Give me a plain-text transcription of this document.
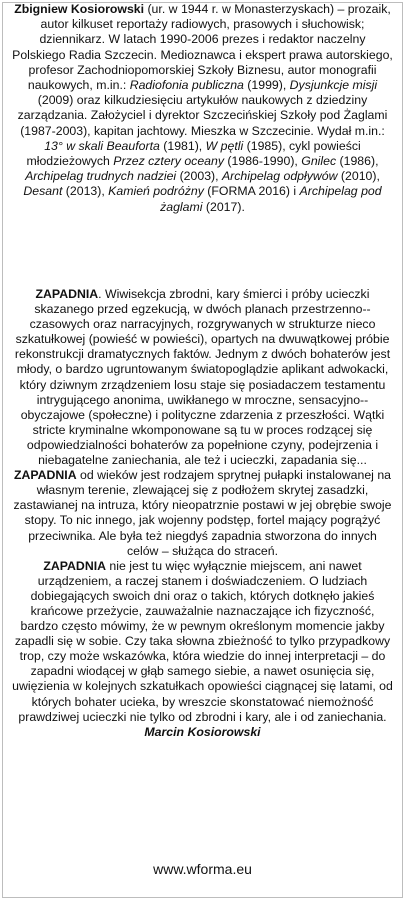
Zbigniew Kosiorowski (ur. w 1944 r. w Monasterzyskach) – prozaik, autor kilkuset reportaży radiowych, prasowych i słuchowisk; dziennikarz. W latach 1990-2006 prezes i redaktor naczelny Polskiego Radia Szczecin. Medioznawca i ekspert prawa autorskiego, profesor Zachodniopomorskiej Szkoły Biznesu, autor monografii naukowych, m.in.: Radiofonia publiczna (1999), Dysjunkcje misji (2009) oraz kilkudziesięciu artykułów naukowych z dziedziny zarządzania. Założyciel i dyrektor Szczecińskiej Szkoły pod Żaglami (1987-2003), kapitan jachtowy. Mieszka w Szczecinie. Wydał m.in.: 13° w skali Beauforta (1981), W pętli (1985), cykl powieści młodzieżowych Przez cztery oceany (1986-1990), Gnilec (1986), Archipelag trudnych nadziei (2003), Archipelag odpływów (2010), Desant (2013), Kamień podróżny (FORMA 2016) i Archipelag pod żaglami (2017).

ZAPADNIA. Wiwisekcja zbrodni, kary śmierci i próby ucieczki skazanego przed egzekucją, w dwóch planach przestrzenno--czasowych oraz narracyjnych, rozgrywanych w strukturze nieco szkatułkowej (powieść w powieści), opartych na dwuwątkowej próbie rekonstrukcji dramatycznych faktów. Jednym z dwóch bohaterów jest młody, o bardzo ugruntowanym światopoglądzie aplikant adwokacki, który dziwnym zrządzeniem losu staje się posiadaczem testamentu intrygującego anonima, uwikłanego w mroczne, sensacyjno--obyczajowe (społeczne) i polityczne zdarzenia z przeszłości. Wątki stricte kryminalne wkomponowane są tu w proces rodzącej się odpowiedzialności bohaterów za popełnione czyny, podejrzenia i niebagatelne zaniechania, ale też i ucieczki, zapadania się...

ZAPADNIA od wieków jest rodzajem sprytnej pułapki instalowanej na własnym terenie, zlewającej się z podłożem skrytej zasadzki, zastawianej na intruza, który nieopatrznie postawi w jej obrębie swoje stopy. To nic innego, jak wojenny podstęp, fortel mający pogrążyć przeciwnika. Ale była też niegdyś zapadnia stworzona do innych celów – służąca do straceń.

ZAPADNIA nie jest tu więc wyłącznie miejscem, ani nawet urządzeniem, a raczej stanem i doświadczeniem. O ludziach dobiegających swoich dni oraz o takich, których dotknęło jakieś krańcowe przeżycie, zauważalnie naznaczające ich fizyczność, bardzo często mówimy, że w pewnym określonym momencie jakby zapadli się w sobie. Czy taka słowna zbieżność to tylko przypadkowy trop, czy może wskazówka, która wiedzie do innej interpretacji – do zapadni wiodącej w głąb samego siebie, a nawet osunięcia się, uwięzienia w kolejnych szkatułkach opowieści ciągnącej się latami, od których bohater ucieka, by wreszcie skonstatować niemożność prawdziwej ucieczki nie tylko od zbrodni i kary, ale i od zaniechania.

Marcin Kosiorowski

www.wforma.eu
